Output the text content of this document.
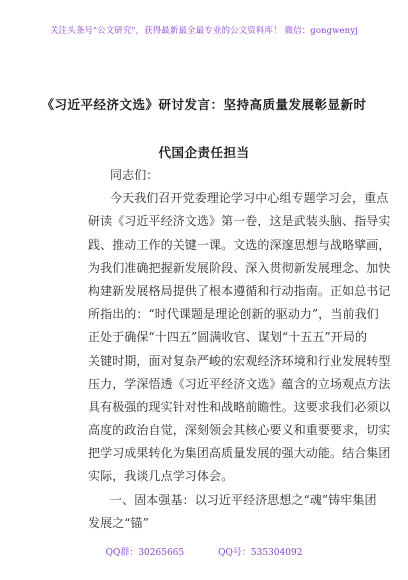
关注头条号"公文研究"，获得最新最全最专业的公文资料库！ 微信：gongwenyj
《习近平经济文选》研讨发言：坚持高质量发展彰显新时
代国企责任担当
同志们：
今天我们召开党委理论学习中心组专题学习会，重点
研读《习近平经济文选》第一卷，这是武装头脑、指导实
践、推动工作的关键一课。文选的深邃思想与战略擘画，
为我们准确把握新发展阶段、深入贯彻新发展理念、加快
构建新发展格局提供了根本遵循和行动指南。正如总书记
所指出的：“时代课题是理论创新的驱动力”，当前我们
正处于确保“十四五”圆满收官、谋划“十五五”开局的
关键时期，面对复杂严峻的宏观经济环境和行业发展转型
压力，学深悟透《习近平经济文选》蕴含的立场观点方法
具有极强的现实针对性和战略前瞻性。这要求我们必须以
高度的政治自觉，深刻领会其核心要义和重要要求，切实
把学习成果转化为集团高质量发展的强大动能。结合集团
实际，我谈几点学习体会。
一、固本强基：以习近平经济思想之“魂”铸牢集团
发展之“锚”
QQ群：30265665	QQ号：535304092
